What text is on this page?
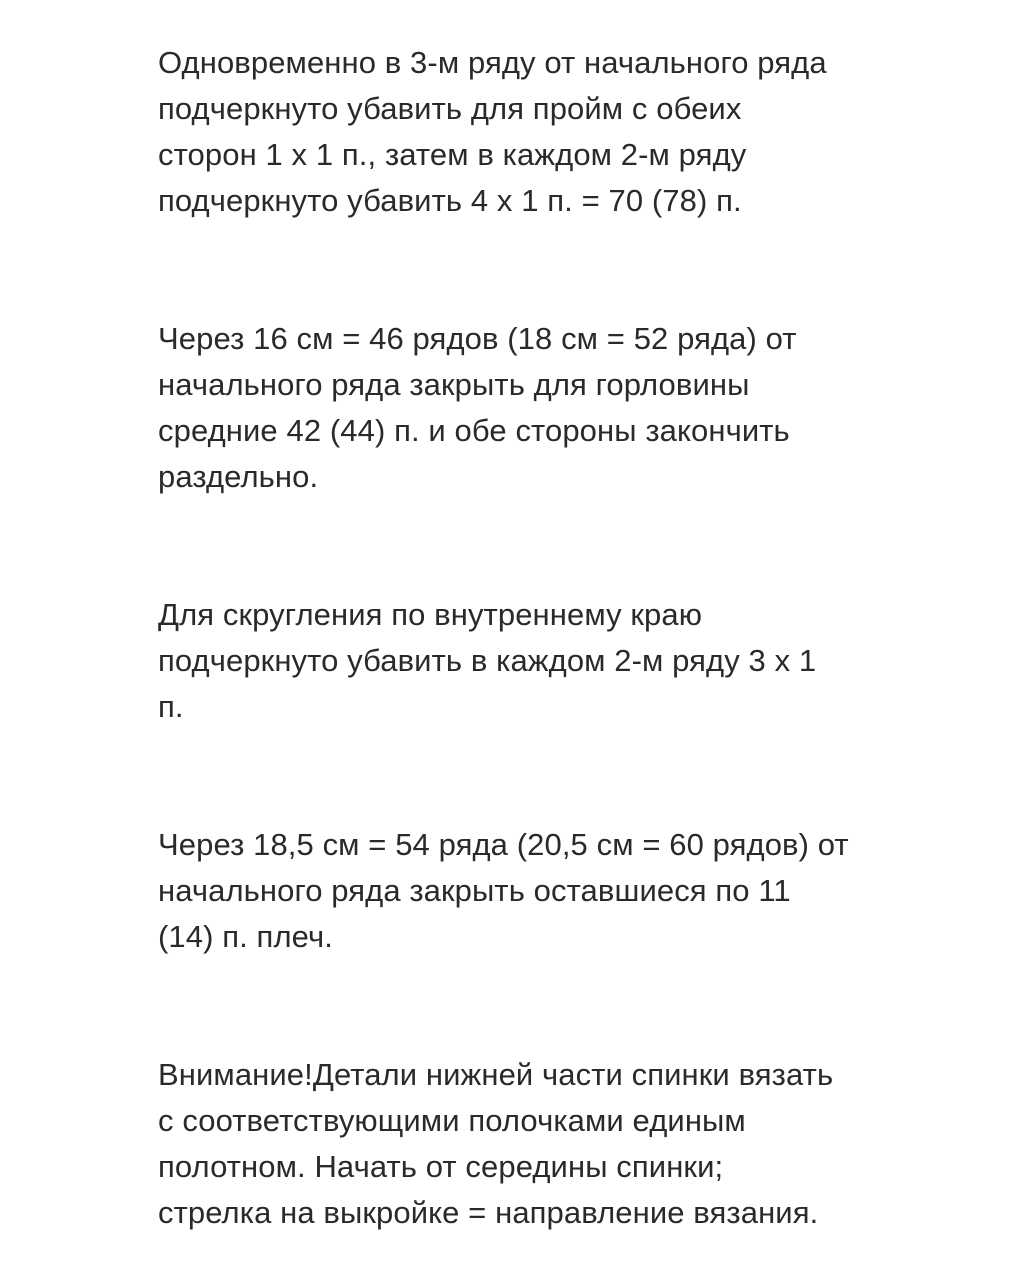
Одновременно в 3-м ряду от начального ряда

подчеркнуто убавить для пройм с обеих

сторон 1 х 1 п., затем в каждом 2-м ряду

подчеркнуто убавить 4 х 1 п. = 70 (78) п.

Через 16 см = 46 рядов (18 см = 52 ряда) от

начального ряда закрыть для горловины

средние 42 (44) п. и обе стороны закончить

раздельно.

Для скругления по внутреннему краю

подчеркнуто убавить в каждом 2-м ряду 3 х 1

п.

Через 18,5 см = 54 ряда (20,5 см = 60 рядов) от

начального ряда закрыть оставшиеся по 11

(14) п. плеч.

Внимание!Детали нижней части спинки вязать

с соответствующими полочками единым

полотном. Начать от середины спинки;

стрелка на выкройке = направление вязания.
